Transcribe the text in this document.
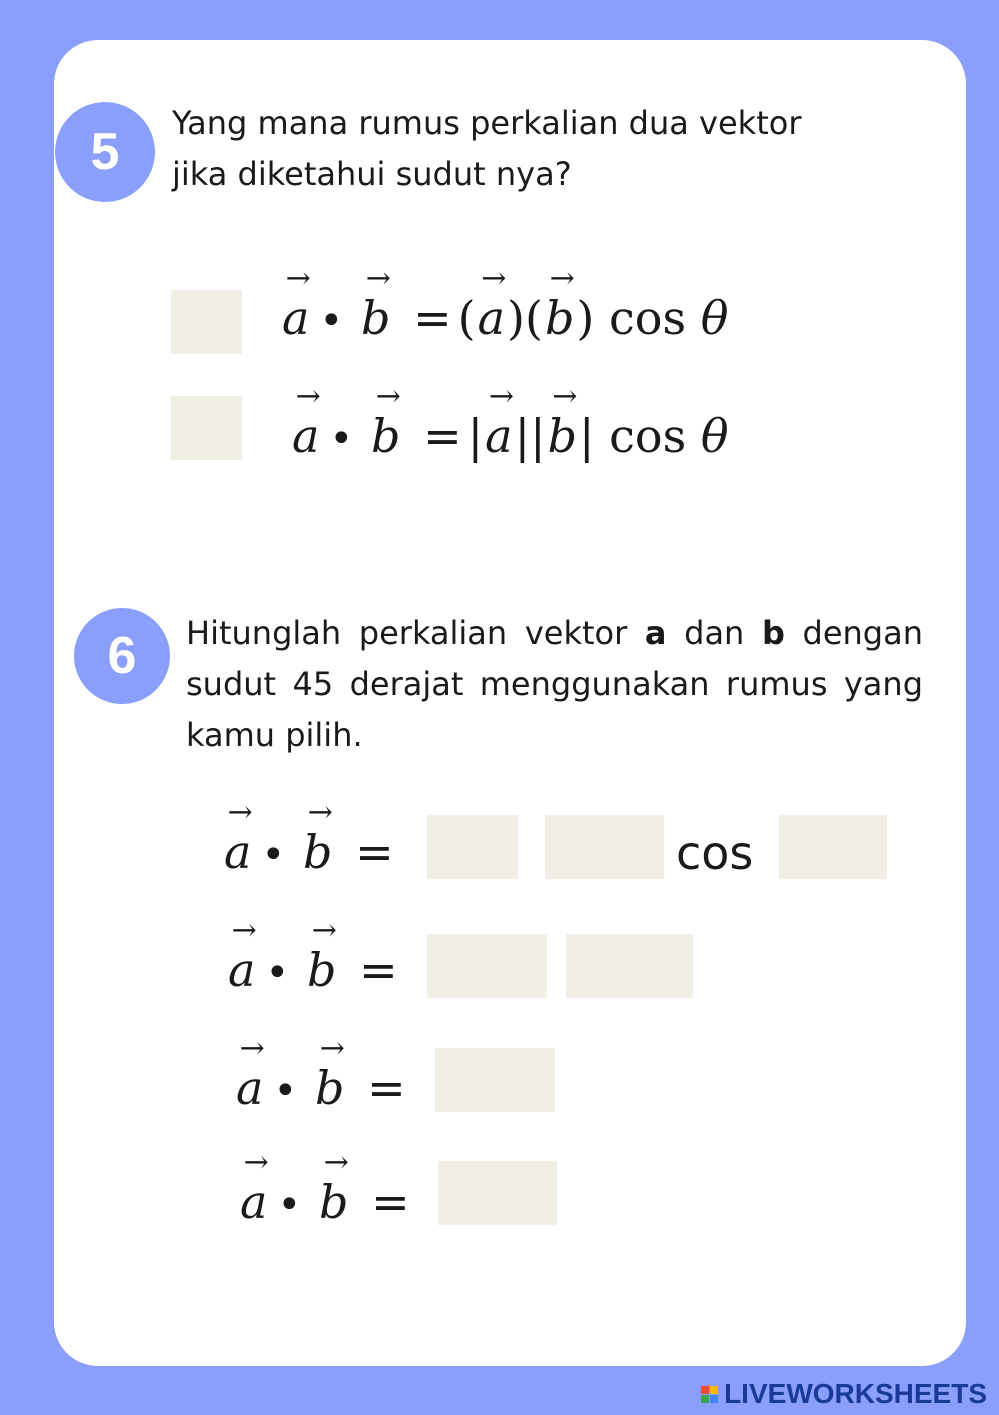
5	Yang mana rumus perkalian dua vektor
jika diketahui sudut nya?
→
a •
→
b = (
→
a)(
→
b) cos θ
→
a •
→
b = |
→
a||
→
b| cos θ
6	Hitunglah perkalian vektor a dan b dengan sudut 45 derajat menggunakan rumus yang kamu pilih.
→
a •
→
b =	cos
→
a •
→
b =
→
a •
→
b =
→
a •
→
b =
LIVEWORKSHEETS
